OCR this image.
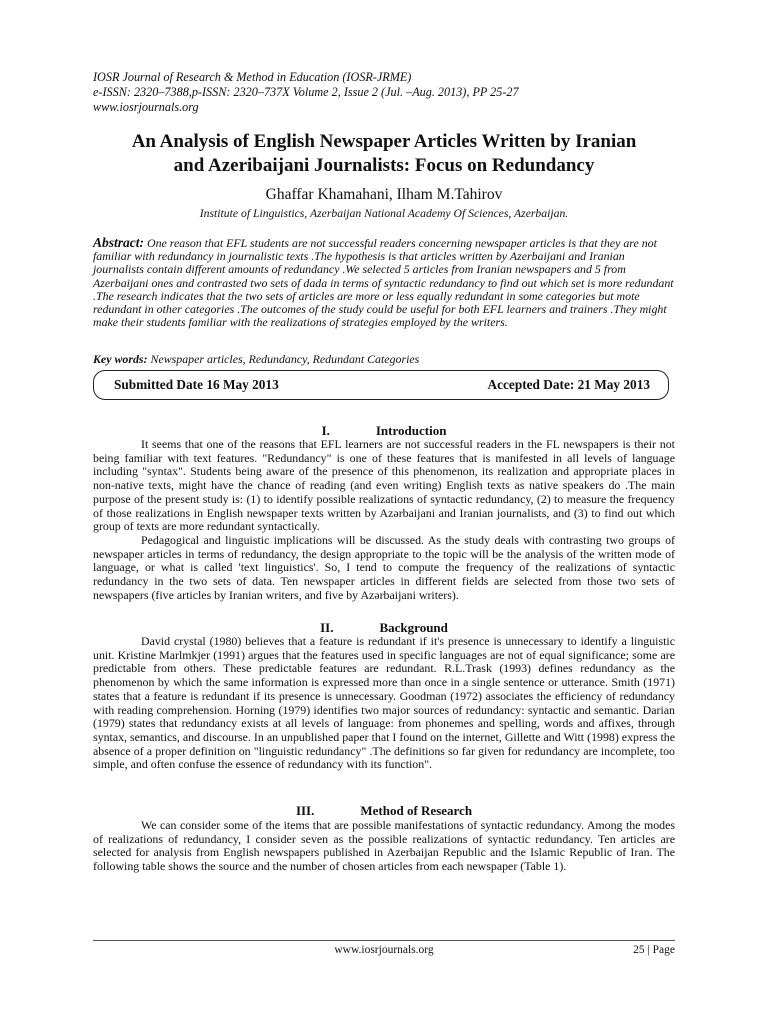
IOSR Journal of Research & Method in Education (IOSR-JRME)
e-ISSN: 2320–7388,p-ISSN: 2320–737X Volume 2, Issue 2 (Jul. –Aug. 2013), PP 25-27
www.iosrjournals.org
An Analysis of English Newspaper Articles Written by Iranian
and Azeribaijani Journalists: Focus on Redundancy
Ghaffar Khamahani, Ilham M.Tahirov
Institute of Linguistics, Azerbaijan National Academy Of Sciences, Azerbaijan.
Abstract: One reason that EFL students are not successful readers concerning newspaper articles is that they are not familiar with redundancy in journalistic texts .The hypothesis is that articles written by Azerbaijani and Iranian journalists contain different amounts of redundancy .We selected 5 articles from Iranian newspapers and 5 from Azerbaijani ones and contrasted two sets of dada in terms of syntactic redundancy to find out which set is more redundant .The research indicates that the two sets of articles are more or less equally redundant in some categories but mote redundant in other categories .The outcomes of the study could be useful for both EFL learners and trainers .They might make their students familiar with the realizations of strategies employed by the writers.
Key words: Newspaper articles, Redundancy, Redundant Categories
Submitted Date 16 May 2013	Accepted Date: 21 May 2013
I.	Introduction
It seems that one of the reasons that EFL learners are not successful readers in the FL newspapers is their not being familiar with text features. "Redundancy" is one of these features that is manifested in all levels of language including "syntax". Students being aware of the presence of this phenomenon, its realization and appropriate places in non-native texts, might have the chance of reading (and even writing) English texts as native speakers do .The main purpose of the present study is: (1) to identify possible realizations of syntactic redundancy, (2) to measure the frequency of those realizations in English newspaper texts written by Azərbaijani and Iranian journalists, and (3) to find out which group of texts are more redundant syntactically.
Pedagogical and linguistic implications will be discussed. As the study deals with contrasting two groups of newspaper articles in terms of redundancy, the design appropriate to the topic will be the analysis of the written mode of language, or what is called 'text linguistics'. So, I tend to compute the frequency of the realizations of syntactic redundancy in the two sets of data. Ten newspaper articles in different fields are selected from those two sets of newspapers (five articles by Iranian writers, and five by Azərbaijani writers).
II.	Background
David crystal (1980) believes that a feature is redundant if it's presence is unnecessary to identify a linguistic unit. Kristine Marlmkjer (1991) argues that the features used in specific languages are not of equal significance; some are predictable from others. These predictable features are redundant. R.L.Trask (1993) defines redundancy as the phenomenon by which the same information is expressed more than once in a single sentence or utterance. Smith (1971) states that a feature is redundant if its presence is unnecessary. Goodman (1972) associates the efficiency of redundancy with reading comprehension. Horning (1979) identifies two major sources of redundancy: syntactic and semantic. Darian (1979) states that redundancy exists at all levels of language: from phonemes and spelling, words and affixes, through syntax, semantics, and discourse. In an unpublished paper that I found on the internet, Gillette and Witt (1998) express the absence of a proper definition on "linguistic redundancy" .The definitions so far given for redundancy are incomplete, too simple, and often confuse the essence of redundancy with its function".
III.	Method of Research
We can consider some of the items that are possible manifestations of syntactic redundancy. Among the modes of realizations of redundancy, I consider seven as the possible realizations of syntactic redundancy. Ten articles are selected for analysis from English newspapers published in Azerbaijan Republic and the Islamic Republic of Iran. The following table shows the source and the number of chosen articles from each newspaper (Table 1).
www.iosrjournals.org	25 | Page
